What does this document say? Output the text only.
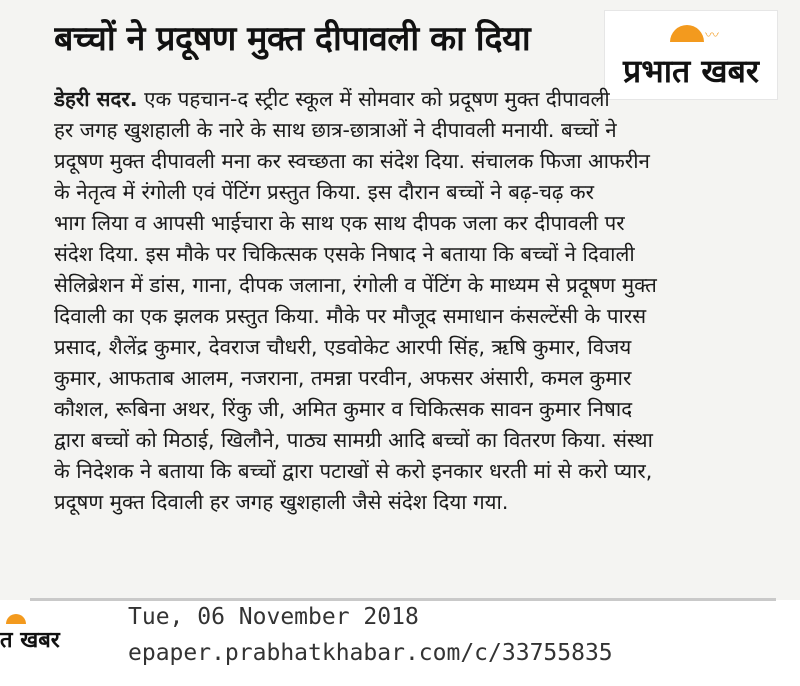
बच्चों ने प्रदूषण मुक्त दीपावली का दिया	〰
प्रभात खबर
डेहरी सदर. एक पहचान-द स्ट्रीट स्कूल में सोमवार को प्रदूषण मुक्त दीपावली
हर जगह खुशहाली के नारे के साथ छात्र-छात्राओं ने दीपावली मनायी. बच्चों ने
प्रदूषण मुक्त दीपावली मना कर स्वच्छता का संदेश दिया. संचालक फिजा आफरीन
के नेतृत्व में रंगोली एवं पेंटिंग प्रस्तुत किया. इस दौरान बच्चों ने बढ़-चढ़ कर
भाग लिया व आपसी भाईचारा के साथ एक साथ दीपक जला कर दीपावली पर
संदेश दिया. इस मौके पर चिकित्सक एसके निषाद ने बताया कि बच्चों ने दिवाली
सेलिब्रेशन में डांस, गाना, दीपक जलाना, रंगोली व पेंटिंग के माध्यम से प्रदूषण मुक्त
दिवाली का एक झलक प्रस्तुत किया. मौके पर मौजूद समाधान कंसल्टेंसी के पारस
प्रसाद, शैलेंद्र कुमार, देवराज चौधरी, एडवोकेट आरपी सिंह, ऋषि कुमार, विजय
कुमार, आफताब आलम, नजराना, तमन्ना परवीन, अफसर अंसारी, कमल कुमार
कौशल, रूबिना अथर, रिंकु जी, अमित कुमार व चिकित्सक सावन कुमार निषाद
द्वारा बच्चों को मिठाई, खिलौने, पाठ्य सामग्री आदि बच्चों का वितरण किया. संस्था
के निदेशक ने बताया कि बच्चों द्वारा पटाखों से करो इनकार धरती मां से करो प्यार,
प्रदूषण मुक्त दिवाली हर जगह खुशहाली जैसे संदेश दिया गया.
त खबर
Tue, 06 November 2018
epaper.prabhatkhabar.com/c/33755835
